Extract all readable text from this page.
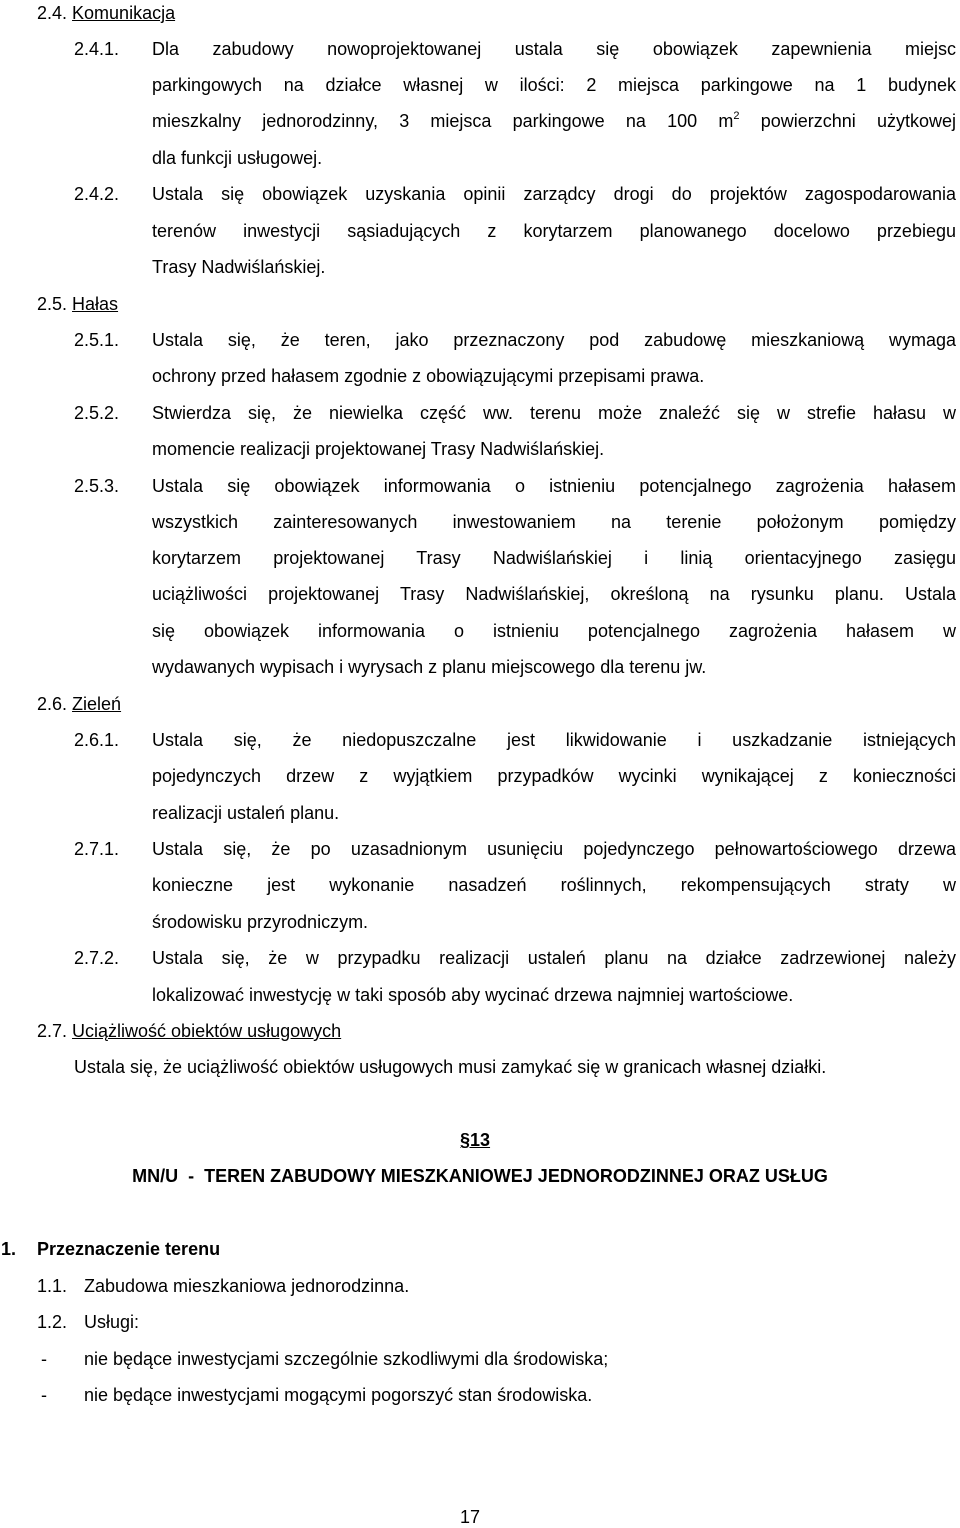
2.4. Komunikacja
2.4.1. Dla zabudowy nowoprojektowanej ustala się obowiązek zapewnienia miejsc
parkingowych na działce własnej w ilości: 2 miejsca parkingowe na 1 budynek
mieszkalny jednorodzinny, 3 miejsca parkingowe na 100 $m^2$ powierzchni użytkowej
dla funkcji usługowej.
2.4.2. Ustala się obowiązek uzyskania opinii zarządcy drogi do projektów zagospodarowania
terenów inwestycji sąsiadujących z korytarzem planowanego docelowo przebiegu
Trasy Nadwiślańskiej.
2.5. Hałas
2.5.1. Ustala się, że teren, jako przeznaczony pod zabudowę mieszkaniową wymaga
ochrony przed hałasem zgodnie z obowiązującymi przepisami prawa.
2.5.2. Stwierdza się, że niewielka część ww. terenu może znaleźć się w strefie hałasu w
momencie realizacji projektowanej Trasy Nadwiślańskiej.
2.5.3. Ustala się obowiązek informowania o istnieniu potencjalnego zagrożenia hałasem
wszystkich zainteresowanych inwestowaniem na terenie położonym pomiędzy
korytarzem projektowanej Trasy Nadwiślańskiej i linią orientacyjnego zasięgu
uciążliwości projektowanej Trasy Nadwiślańskiej, określoną na rysunku planu. Ustala
się obowiązek informowania o istnieniu potencjalnego zagrożenia hałasem w
wydawanych wypisach i wyrysach z planu miejscowego dla terenu jw.
2.6. Zieleń
2.6.1. Ustala się, że niedopuszczalne jest likwidowanie i uszkadzanie istniejących
pojedynczych drzew z wyjątkiem przypadków wycinki wynikającej z konieczności
realizacji ustaleń planu.
2.7.1. Ustala się, że po uzasadnionym usunięciu pojedynczego pełnowartościowego drzewa
konieczne jest wykonanie nasadzeń roślinnych, rekompensujących straty w
środowisku przyrodniczym.
2.7.2. Ustala się, że w przypadku realizacji ustaleń planu na działce zadrzewionej należy
lokalizować inwestycję w taki sposób aby wycinać drzewa najmniej wartościowe.
2.7. Uciążliwość obiektów usługowych
Ustala się, że uciążliwość obiektów usługowych musi zamykać się w granicach własnej działki.
§13
MN/U  -  TEREN ZABUDOWY MIESZKANIOWEJ JEDNORODZINNEJ ORAZ USŁUG
1. Przeznaczenie terenu
1.1. Zabudowa mieszkaniowa jednorodzinna.
1.2. Usługi:
- nie będące inwestycjami szczególnie szkodliwymi dla środowiska;
- nie będące inwestycjami mogącymi pogorszyć stan środowiska.
17
